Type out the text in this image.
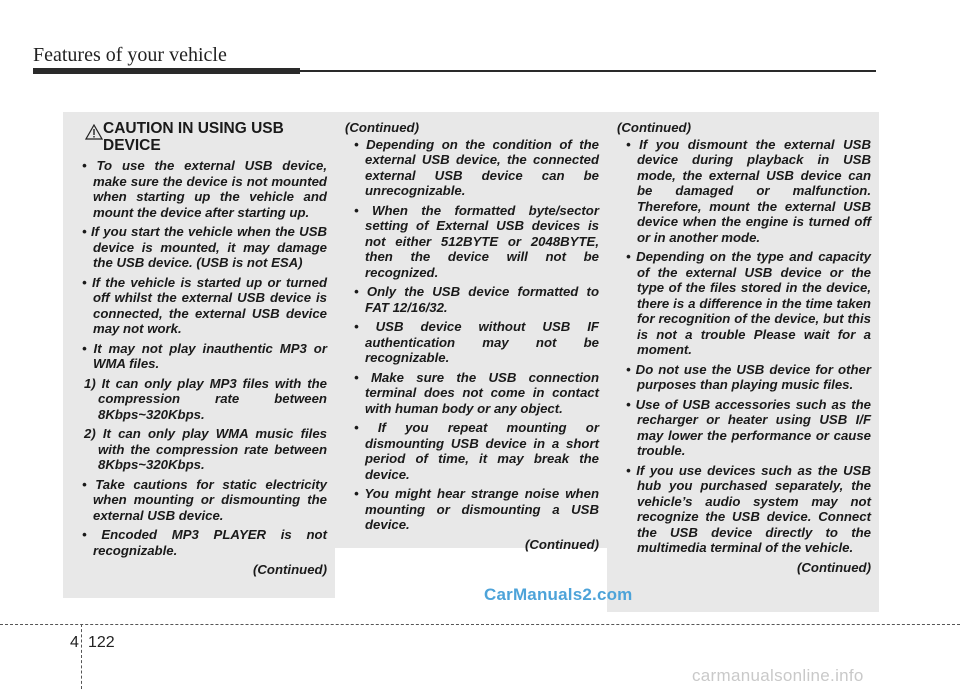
Features of your vehicle
CAUTION IN USING USB DEVICE
• To use the external USB device, make sure the device is not mounted when starting up the vehicle and mount the device after starting up.
• If you start the vehicle when the USB device is mounted, it may damage the USB device. (USB is not ESA)
• If the vehicle is started up or turned off whilst the external USB device is connected, the external USB device may not work.
• It may not play inauthentic MP3 or WMA files.
1) It can only play MP3 files with the compression rate between 8Kbps~320Kbps.
2) It can only play WMA music files with the compression rate between 8Kbps~320Kbps.
• Take cautions for static electricity when mounting or dismounting the external USB device.
• Encoded MP3 PLAYER is not recognizable.
(Continued)
(Continued)
• Depending on the condition of the external USB device, the connected external USB device can be unrecognizable.
• When the formatted byte/sector setting of External USB devices is not either 512BYTE or 2048BYTE, then the device will not be recognized.
• Only the USB device formatted to FAT 12/16/32.
• USB device without USB IF authentication may not be recognizable.
• Make sure the USB connection terminal does not come in contact with human body or any object.
• If you repeat mounting or dismounting USB device in a short period of time, it may break the device.
• You might hear strange noise when mounting or dismounting a USB device.
(Continued)
(Continued)
• If you dismount the external USB device during playback in USB mode, the external USB device can be damaged or malfunction. Therefore, mount the external USB device when the engine is turned off or in another mode.
• Depending on the type and capacity of the external USB device or the type of the files stored in the device, there is a difference in the time taken for recognition of the device, but this is not a trouble Please wait for a moment.
• Do not use the USB device for other purposes than playing music files.
• Use of USB accessories such as the recharger or heater using USB I/F may lower the performance or cause trouble.
• If you use devices such as the USB hub you purchased separately, the vehicle’s audio system may not recognize the USB device. Connect the USB device directly to the multimedia terminal of the vehicle.
(Continued)
CarManuals2.com
4 122
carmanualsonline.info
